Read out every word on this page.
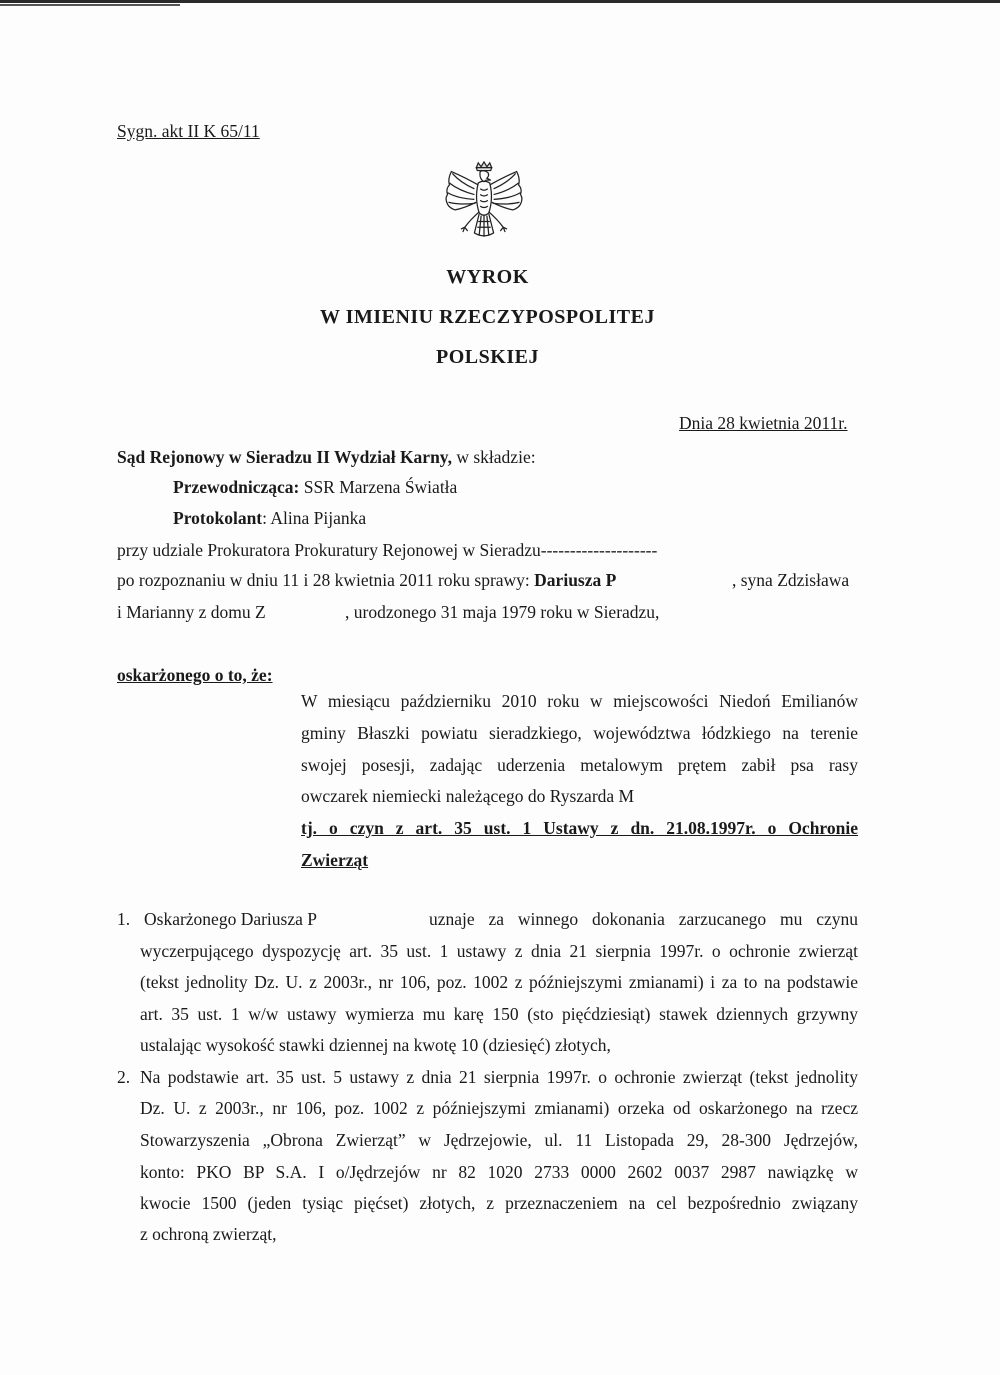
Sygn. akt II K 65/11
WYROK
W IMIENIU RZECZYPOSPOLITEJ
POLSKIEJ
Dnia 28 kwietnia 2011r.
Sąd Rejonowy w Sieradzu II Wydział Karny, w składzie:
Przewodnicząca: SSR Marzena Światła
Protokolant: Alina Pijanka
przy udziale Prokuratora Prokuratury Rejonowej w Sieradzu--------------------
po rozpoznaniu w dniu 11 i 28 kwietnia 2011 roku sprawy: Dariusza P	, syna Zdzisława
i Marianny z domu Z	, urodzonego 31 maja 1979 roku w Sieradzu,
oskarżonego o to, że:
W miesiącu październiku 2010 roku w miejscowości Niedoń Emilianów
gminy Błaszki powiatu sieradzkiego, województwa łódzkiego na terenie
swojej posesji, zadając uderzenia metalowym prętem zabił psa rasy
owczarek niemiecki należącego do Ryszarda M
tj. o czyn z art. 35 ust. 1 Ustawy z dn. 21.08.1997r. o Ochronie
Zwierząt
1. Oskarżonego Dariusza P	uznaje za winnego dokonania zarzucanego mu czynu
wyczerpującego dyspozycję art. 35 ust. 1 ustawy z dnia 21 sierpnia 1997r. o ochronie zwierząt
(tekst jednolity Dz. U. z 2003r., nr 106, poz. 1002 z późniejszymi zmianami) i za to na podstawie
art. 35 ust. 1 w/w ustawy wymierza mu karę 150 (sto pięćdziesiąt) stawek dziennych grzywny
ustalając wysokość stawki dziennej na kwotę 10 (dziesięć) złotych,
2. Na podstawie art. 35 ust. 5 ustawy z dnia 21 sierpnia 1997r. o ochronie zwierząt (tekst jednolity
Dz. U. z 2003r., nr 106, poz. 1002 z późniejszymi zmianami) orzeka od oskarżonego na rzecz
Stowarzyszenia „Obrona Zwierząt” w Jędrzejowie, ul. 11 Listopada 29, 28-300 Jędrzejów,
konto: PKO BP S.A. I o/Jędrzejów nr 82 1020 2733 0000 2602 0037 2987 nawiązkę w
kwocie 1500 (jeden tysiąc pięćset) złotych, z przeznaczeniem na cel bezpośrednio związany
z ochroną zwierząt,
